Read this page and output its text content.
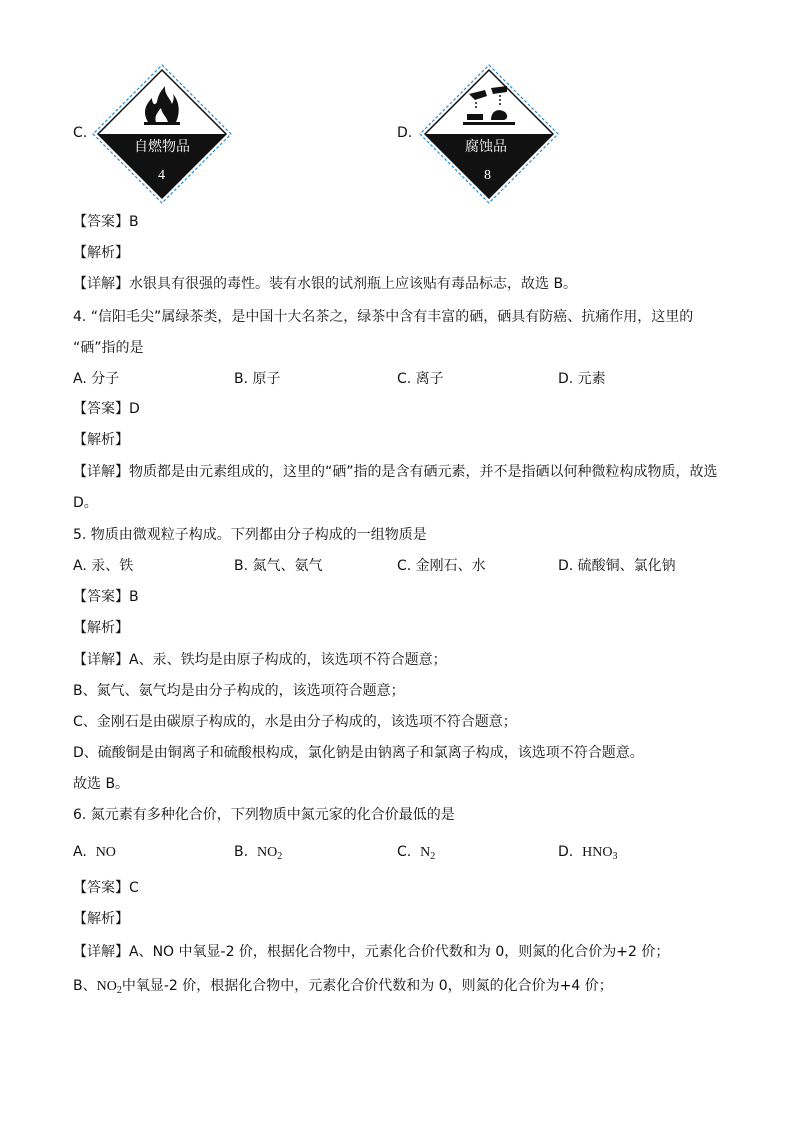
C.
自燃物品
4
D.
腐蚀品
8
【答案】B
【解析】
【详解】水银具有很强的毒性。装有水银的试剂瓶上应该贴有毒品标志，故选 B。
4. “信阳毛尖”属绿茶类，是中国十大名茶之，绿茶中含有丰富的硒，硒具有防癌、抗痛作用，这里的
“硒”指的是
A. 分子	B. 原子	C. 离子	D. 元素
【答案】D
【解析】
【详解】物质都是由元素组成的，这里的“硒”指的是含有硒元素，并不是指硒以何种微粒构成物质，故选
D。
5. 物质由微观粒子构成。下列都由分子构成的一组物质是
A. 汞、铁	B. 氮气、氨气	C. 金刚石、水	D. 硫酸铜、氯化钠
【答案】B
【解析】
【详解】A、汞、铁均是由原子构成的，该选项不符合题意；
B、氮气、氨气均是由分子构成的，该选项符合题意；
C、金刚石是由碳原子构成的，水是由分子构成的，该选项不符合题意；
D、硫酸铜是由铜离子和硫酸根构成，氯化钠是由钠离子和氯离子构成，该选项不符合题意。
故选 B。
6. 氮元素有多种化合价，下列物质中氮元家的化合价最低的是
A. NO	B. $NO_2$	C. $N_2$	D. $HNO_3$
【答案】C
【解析】
【详解】A、NO 中氧显-2 价，根据化合物中，元素化合价代数和为 0，则氮的化合价为+2 价；
B、$NO_2$中氧显-2 价，根据化合物中，元素化合价代数和为 0，则氮的化合价为+4 价；
